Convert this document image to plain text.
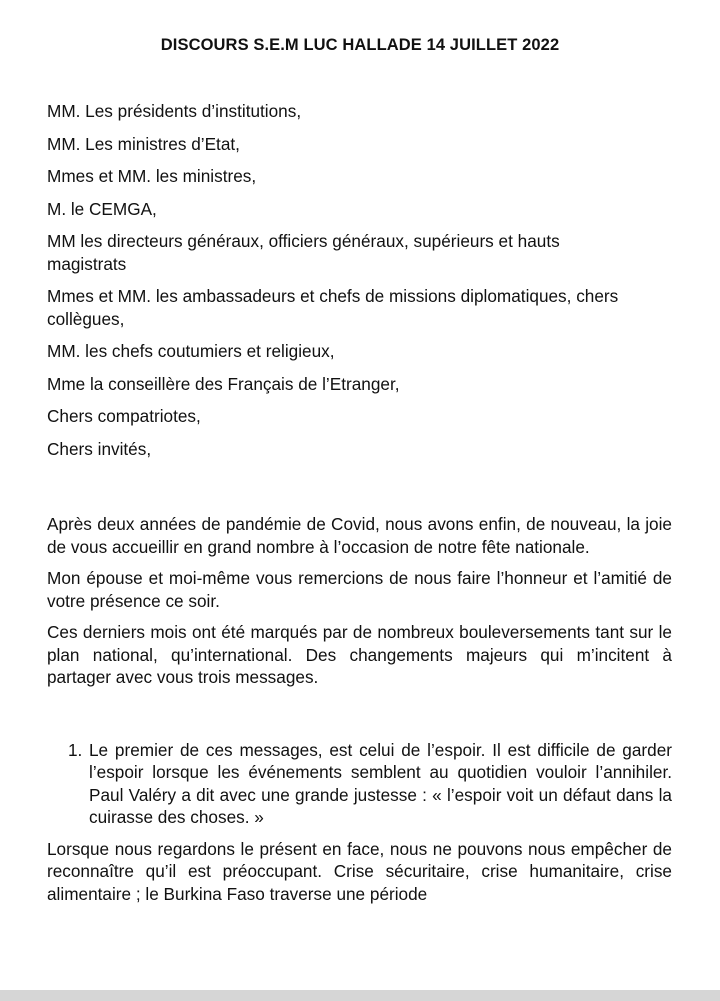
DISCOURS S.E.M LUC HALLADE 14 JUILLET 2022
MM. Les présidents d’institutions,
MM. Les ministres d’Etat,
Mmes et MM. les ministres,
M. le CEMGA,
MM les directeurs généraux, officiers généraux, supérieurs et hauts magistrats
Mmes et MM. les ambassadeurs et chefs de missions diplomatiques, chers collègues,
MM. les chefs coutumiers et religieux,
Mme la conseillère des Français de l’Etranger,
Chers compatriotes,
Chers invités,

Après deux années de pandémie de Covid, nous avons enfin, de nouveau, la joie de vous accueillir en grand nombre à l’occasion de notre fête nationale.

Mon épouse et moi-même vous remercions de nous faire l’honneur et l’amitié de votre présence ce soir.

Ces derniers mois ont été marqués par de nombreux bouleversements tant sur le plan national, qu’international. Des changements majeurs qui m’incitent à partager avec vous trois messages.

1. Le premier de ces messages, est celui de l’espoir. Il est difficile de garder l’espoir lorsque les événements semblent au quotidien vouloir l’annihiler. Paul Valéry a dit avec une grande justesse : « l’espoir voit un défaut dans la cuirasse des choses. »

Lorsque nous regardons le présent en face, nous ne pouvons nous empêcher de reconnaître qu’il est préoccupant. Crise sécuritaire, crise humanitaire, crise alimentaire ; le Burkina Faso traverse une période
